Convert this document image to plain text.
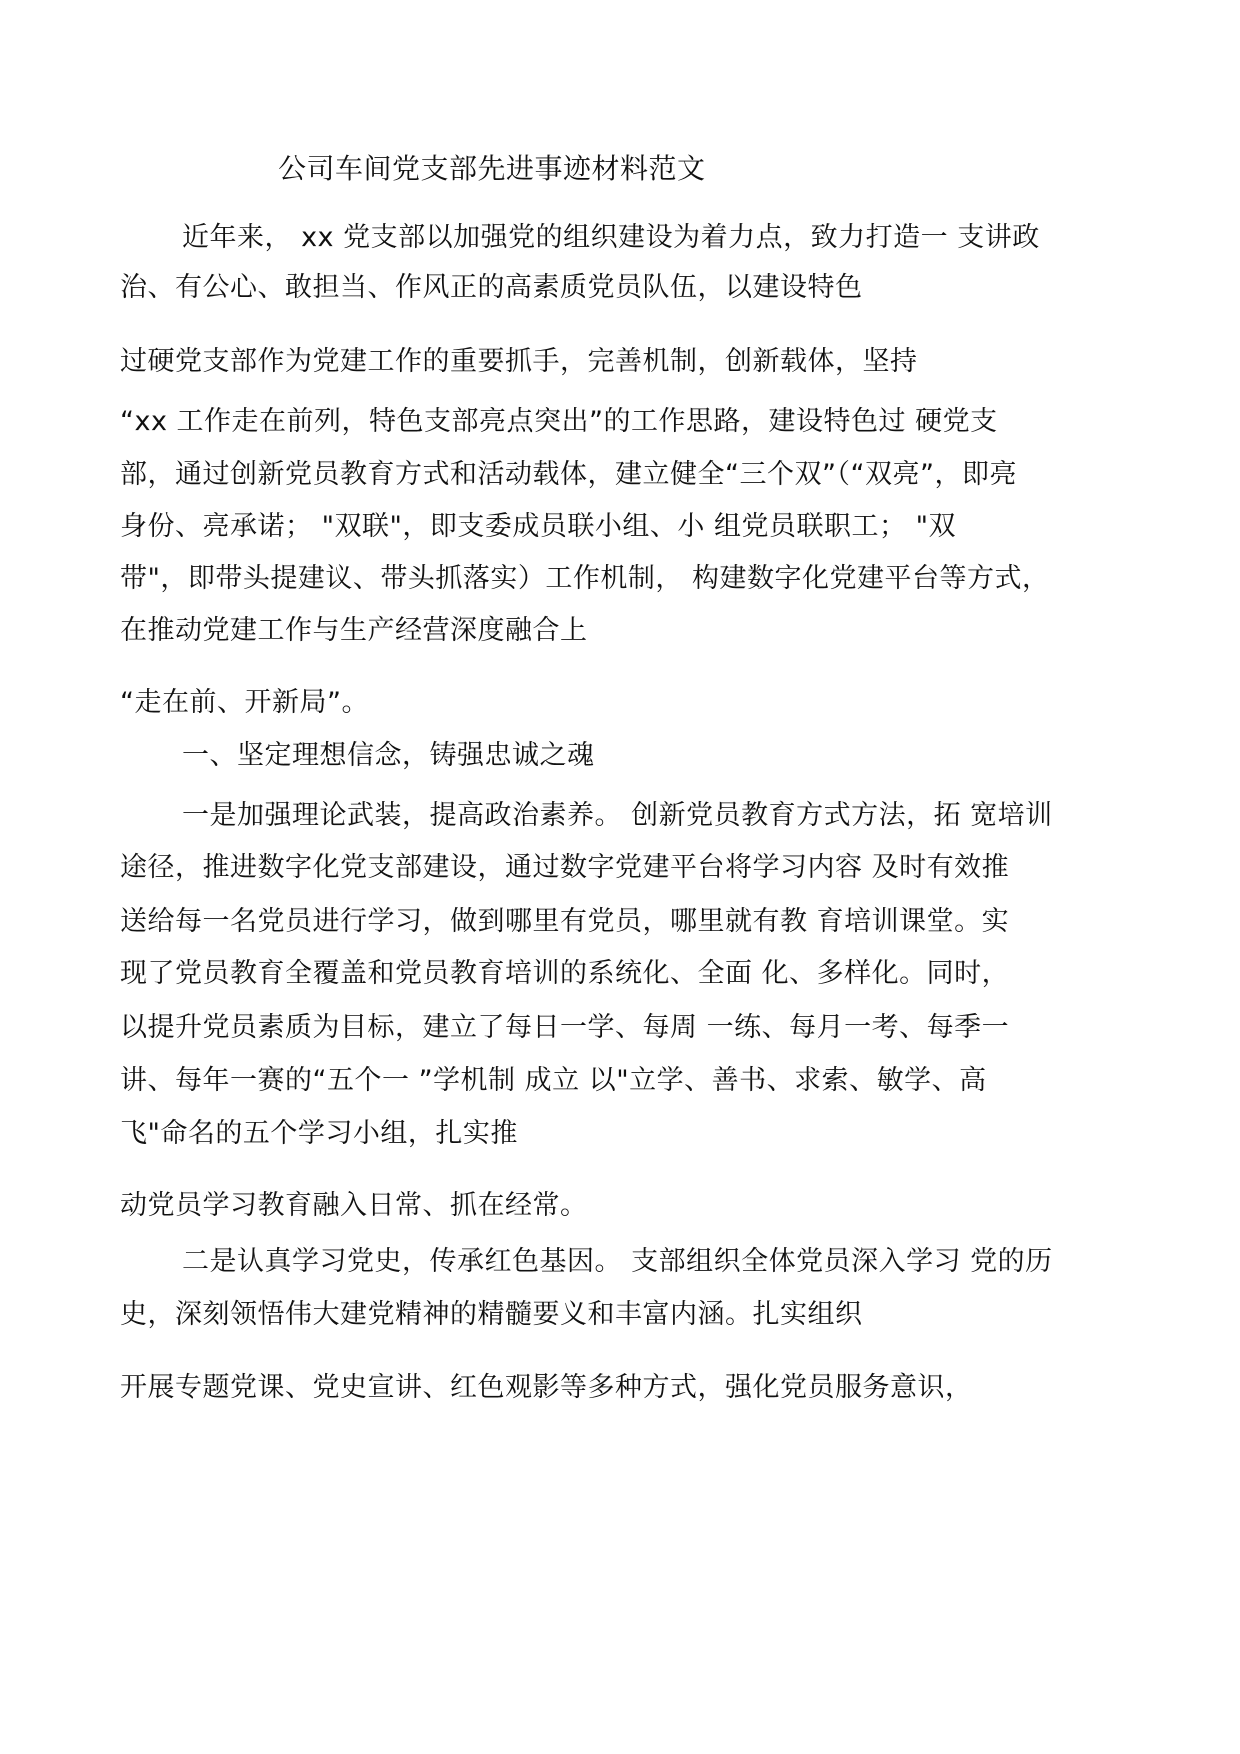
公司车间党支部先进事迹材料范文
近年来， xx 党支部以加强党的组织建设为着力点，致力打造一 支讲政
治、有公心、敢担当、作风正的高素质党员队伍，以建设特色
过硬党支部作为党建工作的重要抓手，完善机制，创新载体，坚持
“xx 工作走在前列，特色支部亮点突出”的工作思路，建设特色过 硬党支
部，通过创新党员教育方式和活动载体，建立健全“三个双”（“双亮”，即亮
身份、亮承诺； "双联"，即支委成员联小组、小 组党员联职工； "双
带"，即带头提建议、带头抓落实）工作机制， 构建数字化党建平台等方式，
在推动党建工作与生产经营深度融合上
“走在前、开新局”。
一、坚定理想信念，铸强忠诚之魂
一是加强理论武装，提高政治素养。 创新党员教育方式方法，拓 宽培训
途径，推进数字化党支部建设，通过数字党建平台将学习内容 及时有效推
送给每一名党员进行学习，做到哪里有党员，哪里就有教 育培训课堂。实
现了党员教育全覆盖和党员教育培训的系统化、全面 化、多样化。同时，
以提升党员素质为目标，建立了每日一学、每周 一练、每月一考、每季一
讲、每年一赛的“五个一 ”学机制 成立 以"立学、善书、求索、敏学、高
飞"命名的五个学习小组，扎实推
动党员学习教育融入日常、抓在经常。
二是认真学习党史，传承红色基因。 支部组织全体党员深入学习 党的历
史，深刻领悟伟大建党精神的精髓要义和丰富内涵。扎实组织
开展专题党课、党史宣讲、红色观影等多种方式，强化党员服务意识，
